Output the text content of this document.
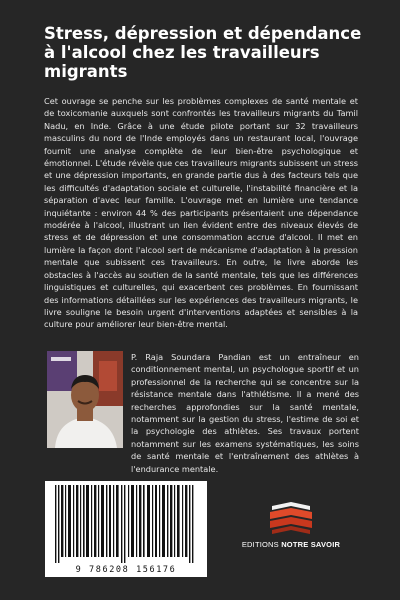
Stress, dépression et dépendance à l'alcool chez les travailleurs migrants

Cet ouvrage se penche sur les problèmes complexes de santé mentale et de toxicomanie auxquels sont confrontés les travailleurs migrants du Tamil Nadu, en Inde. Grâce à une étude pilote portant sur 32 travailleurs masculins du nord de l'Inde employés dans un restaurant local, l'ouvrage fournit une analyse complète de leur bien-être psychologique et émotionnel. L'étude révèle que ces travailleurs migrants subissent un stress et une dépression importants, en grande partie dus à des facteurs tels que les difficultés d'adaptation sociale et culturelle, l'instabilité financière et la séparation d'avec leur famille. L'ouvrage met en lumière une tendance inquiétante : environ 44 % des participants présentaient une dépendance modérée à l'alcool, illustrant un lien évident entre des niveaux élevés de stress et de dépression et une consommation accrue d'alcool. Il met en lumière la façon dont l'alcool sert de mécanisme d'adaptation à la pression mentale que subissent ces travailleurs. En outre, le livre aborde les obstacles à l'accès au soutien de la santé mentale, tels que les différences linguistiques et culturelles, qui exacerbent ces problèmes. En fournissant des informations détaillées sur les expériences des travailleurs migrants, le livre souligne le besoin urgent d'interventions adaptées et sensibles à la culture pour améliorer leur bien-être mental.

P. Raja Soundara Pandian est un entraîneur en conditionnement mental, un psychologue sportif et un professionnel de la recherche qui se concentre sur la résistance mentale dans l'athlétisme. Il a mené des recherches approfondies sur la santé mentale, notamment sur la gestion du stress, l'estime de soi et la psychologie des athlètes. Ses travaux portent notamment sur les examens systématiques, les soins de santé mentale et l'entraînement des athlètes à l'endurance mentale.

9 786208 156176
EDITIONS NOTRE SAVOIR
